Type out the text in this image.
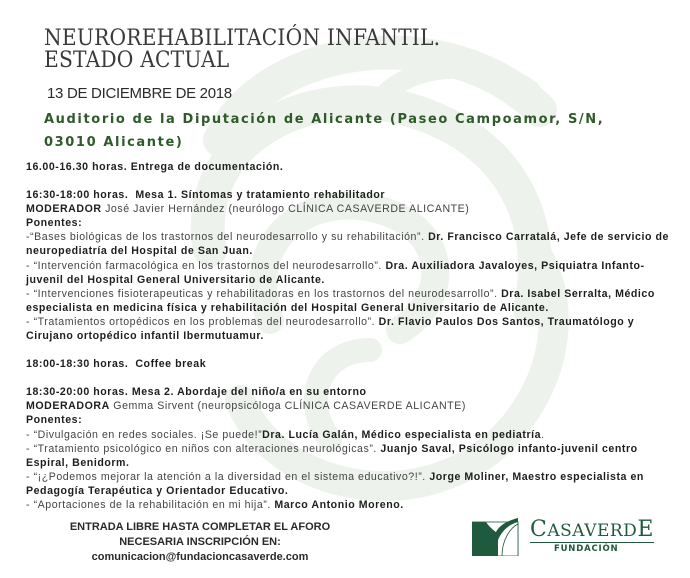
NEUROREHABILITACIÓN INFANTIL.
ESTADO ACTUAL
13 DE DICIEMBRE DE 2018
Auditorio de la Diputación de Alicante (Paseo Campoamor, S/N,
03010 Alicante)

16.00-16.30 horas. Entrega de documentación.

16:30-18:00 horas. Mesa 1. Síntomas y tratamiento rehabilitador

MODERADOR José Javier Hernández (neurólogo CLÍNICA CASAVERDE ALICANTE)

Ponentes:

-“Bases biológicas de los trastornos del neurodesarrollo y su rehabilitación”. Dr. Francisco Carratalá, Jefe de servicio de neuropediatría del Hospital de San Juan.

- “Intervención farmacológica en los trastornos del neurodesarrollo”. Dra. Auxiliadora Javaloyes, Psiquiatra Infanto-juvenil del Hospital General Universitario de Alicante.

- “Intervenciones fisioterapeuticas y rehabilitadoras en los trastornos del neurodesarrollo”. Dra. Isabel Serralta, Médico especialista en medicina física y rehabilitación del Hospital General Universitario de Alicante.

- “Tratamientos ortopédicos en los problemas del neurodesarrollo”. Dr. Flavio Paulos Dos Santos, Traumatólogo y Cirujano ortopédico infantil Ibermutuamur.

18:00-18:30 horas. Coffee break

18:30-20:00 horas. Mesa 2. Abordaje del niño/a en su entorno

MODERADORA Gemma Sirvent (neuropsicóloga CLÍNICA CASAVERDE ALICANTE)

Ponentes:

- “Divulgación en redes sociales. ¡Se puede!”Dra. Lucía Galán, Médico especialista en pediatría.

- “Tratamiento psicológico en niños con alteraciones neurológicas”. Juanjo Saval, Psicólogo infanto-juvenil centro Espiral, Benidorm.

- “¡¿Podemos mejorar la atención a la diversidad en el sistema educativo?!”. Jorge Moliner, Maestro especialista en Pedagogía Terapéutica y Orientador Educativo.

- “Aportaciones de la rehabilitación en mi hija”. Marco Antonio Moreno.

ENTRADA LIBRE HASTA COMPLETAR EL AFORO
NECESARIA INSCRIPCIÓN EN:
comunicacion@fundacioncasaverde.com
CASAVERDE
FUNDACIÓN
